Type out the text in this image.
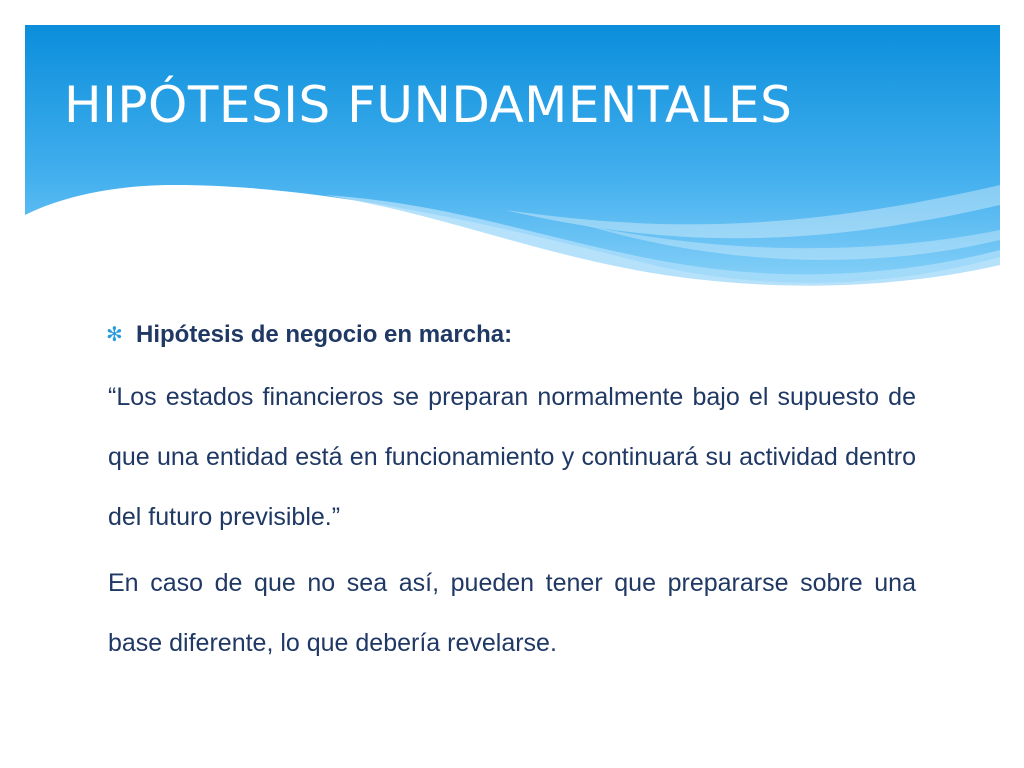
HIPÓTESIS FUNDAMENTALES
✻ Hipótesis de negocio en marcha:

“Los estados financieros se preparan normalmente bajo el supuesto de que una entidad está en funcionamiento y continuará su actividad dentro del futuro previsible.”

En caso de que no sea así, pueden tener que prepararse sobre una base diferente, lo que debería revelarse.
